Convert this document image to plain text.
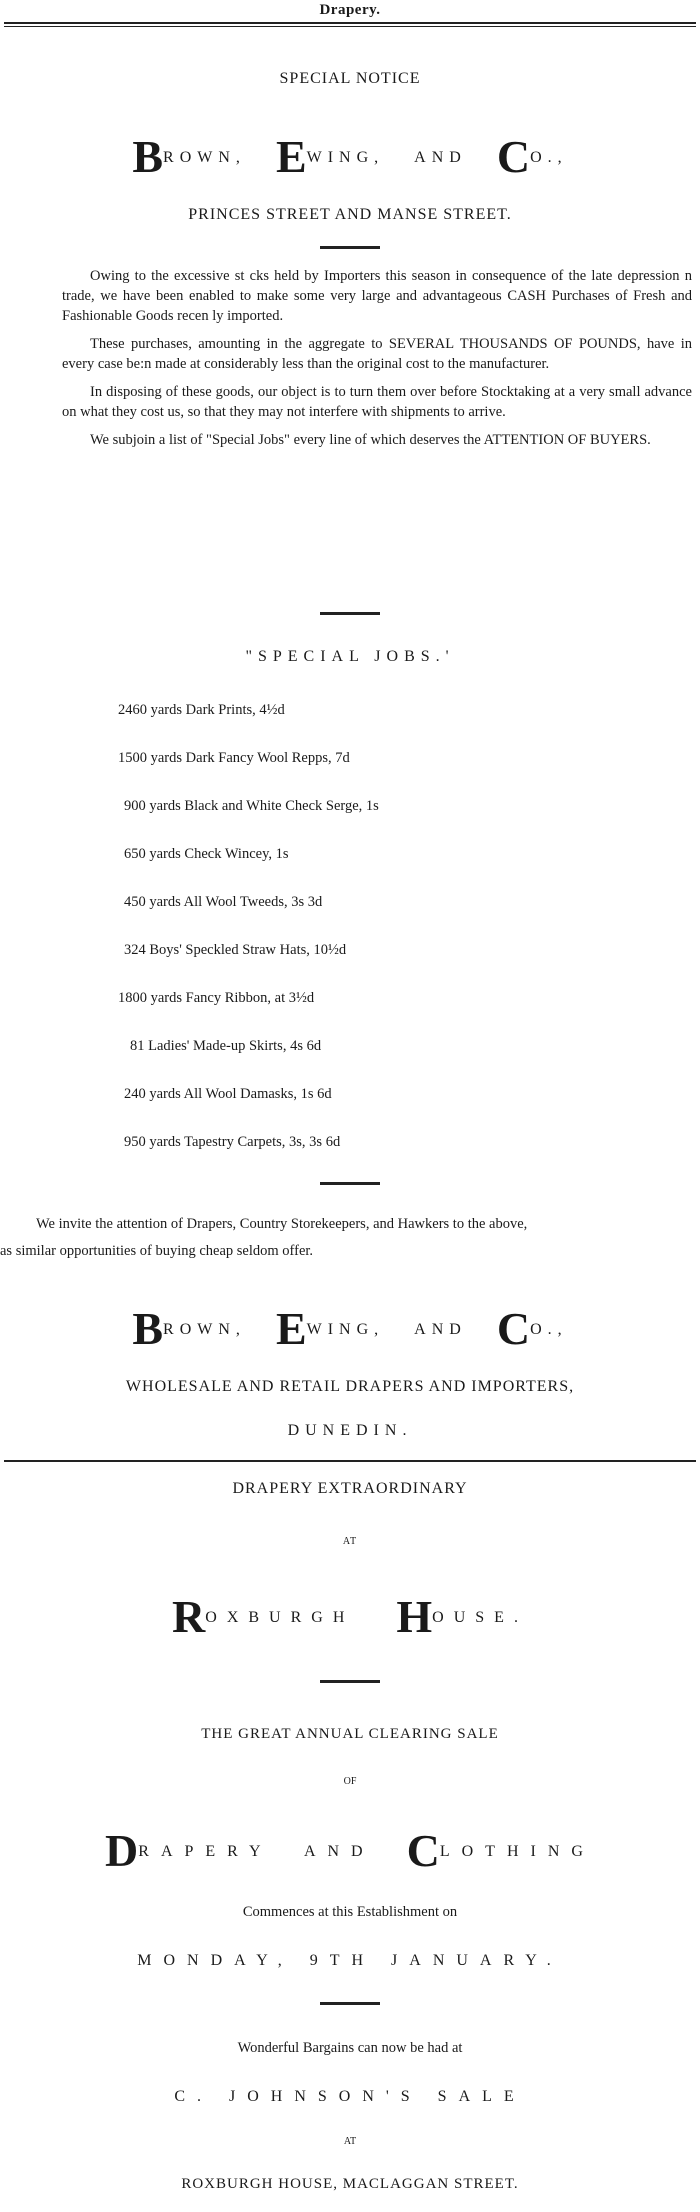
Drapery.
SPECIAL NOTICE
BROWN, EWING, AND CO.,
PRINCES STREET AND MANSE STREET.

Owing to the excessive st cks held by Importers this season in consequence of the late depression n trade, we have been enabled to make some very large and advantageous CASH Purchases of Fresh and Fashionable Goods recen ly imported.

These purchases, amounting in the aggregate to SEVERAL THOUSANDS OF POUNDS, have in every case be:n made at considerably less than the original cost to the manufacturer.

In disposing of these goods, our object is to turn them over before Stocktaking at a very small advance on what they cost us, so that they may not interfere with shipments to arrive.

We subjoin a list of "Special Jobs" every line of which deserves the ATTENTION OF BUYERS.

"SPECIAL JOBS.'
2460 yards Dark Prints, 4½d
1500 yards Dark Fancy Wool Repps, 7d
900 yards Black and White Check Serge, 1s
650 yards Check Wincey, 1s
450 yards All Wool Tweeds, 3s 3d
324 Boys' Speckled Straw Hats, 10½d
1800 yards Fancy Ribbon, at 3½d
81 Ladies' Made-up Skirts, 4s 6d
240 yards All Wool Damasks, 1s 6d
950 yards Tapestry Carpets, 3s, 3s 6d
We invite the attention of Drapers, Country Storekeepers, and Hawkers to the above,
as similar opportunities of buying cheap seldom offer.
BROWN, EWING, AND CO.,
WHOLESALE AND RETAIL DRAPERS AND IMPORTERS,
DUNEDIN.
DRAPERY EXTRAORDINARY
AT
ROXBURGH HOUSE.
THE GREAT ANNUAL CLEARING SALE
OF
DRAPERY AND CLOTHING
Commences at this Establishment on
MONDAY, 9TH JANUARY.
Wonderful Bargains can now be had at
C. JOHNSON'S SALE
AT
ROXBURGH HOUSE, MACLAGGAN STREET.
